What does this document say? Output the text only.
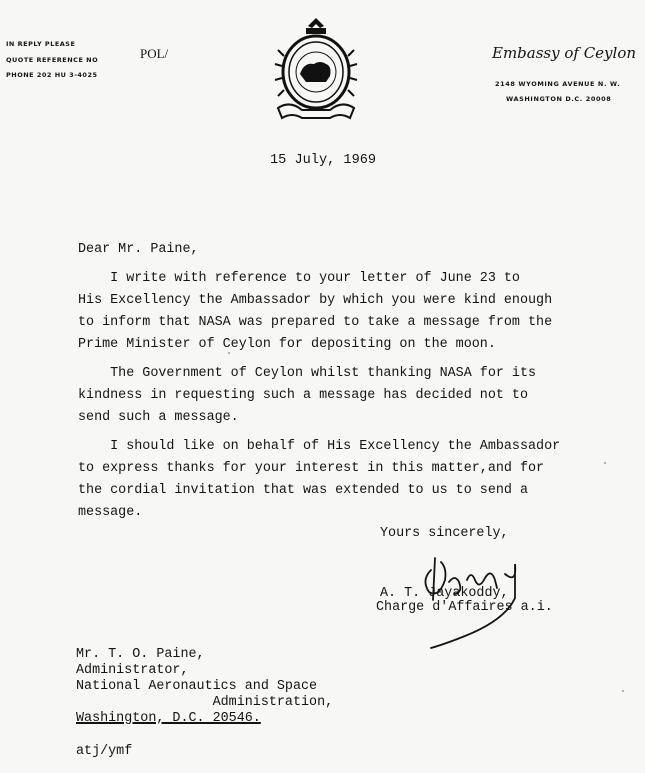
IN REPLY PLEASE
QUOTE REFERENCE NO
PHONE 202 HU 3-4025
POL/	Embassy of Ceylon
2148 WYOMING AVENUE N. W.
WASHINGTON D.C. 20008
15 July, 1969
Dear Mr. Paine,
I write with reference to your letter of June 23 to
His Excellency the Ambassador by which you were kind enough
to inform that NASA was prepared to take a message from the
Prime Minister of Ceylon for depositing on the moon.
The Government of Ceylon whilst thanking NASA for its
kindness in requesting such a message has decided not to
send such a message.
I should like on behalf of His Excellency the Ambassador
to express thanks for your interest in this matter,and for
the cordial invitation that was extended to us to send a
message.
Yours sincerely,
A. T. Jayakoddy,
Charge d'Affaires a.i.
Mr. T. O. Paine,
Administrator,
National Aeronautics and Space
Administration,
Washington, D.C. 20546.
atj/ymf
